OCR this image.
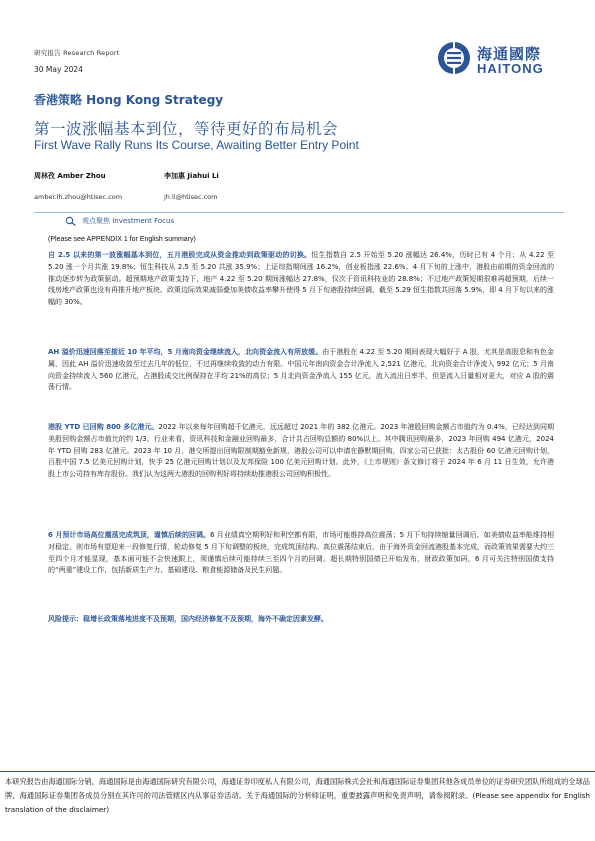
研究报告 Research Report
30 May 2024
海通國際
HAITONG
香港策略 Hong Kong Strategy
第一波涨幅基本到位，等待更好的布局机会
First Wave Rally Runs Its Course, Awaiting Better Entry Point
周林孜 Amber Zhou
amber.lh.zhou@htisec.com
李加惠 Jiahui Li
jh.li@htisec.com
观点聚焦 Investment Focus
(Please see APPENDIX 1 for English summary)
自 2.5 以来的第一波涨幅基本到位，五月港股完成从资金推动到政策驱动的切换。恒生指数自 2.5 开始至 5.20 涨幅达 26.4%，历时已有 4 个月；从 4.22 至 5.20 涨一个月共涨 19.8%；恒生科技从 2.5 至 5.20 共涨 35.9%；上证综指期间涨 16.2%，创业板指涨 22.6%。4 月下旬的上涨中，港股由前期的资金回流的推动逐步转为政策驱动。超预期地产政策支持下，地产 4.22 至 5.20 期间涨幅达 27.8%，仅次于资讯科技业的 28.8%；不过地产政策短期很难再超预期，后续一线房地产政策也没有再推升地产板块。政策边际效果减弱叠加美债收益率攀升使得 5 月下旬港股持续回调，截至 5.29 恒生指数共回落 5.9%，即 4 月下旬以来的涨幅的 30%。
AH 溢价迅速回落至接近 10 年平均，5 月南向资金继续流入，北向资金流入有所放缓。由于港股在 4.22 至 5.20 期间表现大幅好于 A 股，尤其是高股息和有色金属，因此 AH 溢价迅速收敛至过去几年的低位，不过再继续收敛的动力有限。中国元年南向资金合计净流入 2,521 亿港元，北向资金合计净流入 992 亿元；5 月南向资金持续流入 560 亿港元，占港股成交比例保持在平均 21%的高位；5 月北向资金净流入 155 亿元，流入流出日率半，但是流入日量相对更大，对应 A 股的震荡行情。
港股 YTD 已回购 800 多亿港元。2022 年以来每年回购超千亿港元，远远超过 2021 年的 382 亿港元。2023 年港股回购金额占市值约为 0.4%，已经达到同期美股回购金额占市值比的约 1/3。行业来看，资讯科技和金融业回购最多，合计共占回购总额的 80%以上。其中腾讯回购最多，2023 年回购 494 亿港元，2024 年 YTD 回购 283 亿港元。2023 年 10 月，港交所提出回购限制期豁免新规，港股公司可以申请在静默期回购，四家公司已获批：太古股份 60 亿港元回购计划，百胜中国 7.5 亿美元回购计划，快手 25 亿港元回购计划以及友邦保险 100 亿美元回购计划。此外，《上市规则》条文修订将于 2024 年 6 月 11 日生效，允许港股上市公司持有库存股份。我们认为这两大港股的回购利好将持续助推港股公司回购积极性。
6 月预计市场高位震荡完成筑顶，谨慎后续的回调。6 月业绩真空期利好和利空都有限，市场可能维持高位震荡；5 月下旬持续缩量回调后，如美债收益率能维持相对稳定，则市场有望迎来一段修复行情，轮动修复 5 月下旬调整的板块，完成筑顶结构。高位震荡结束后，由于海外资金回流港股基本完成，而政策效果需要大约三至四个月才能显现，基本面可能不会快速跟上，须谨慎后续可能持续三至四个月的回调。超长期特别国债已开始发布，财政政策加码，6 月可关注特别国债支持的“两重”建设工作，包括新质生产力、基础建设、粮食能源储备及民生问题。
风险提示：稳增长政策落地进度不及预期，国内经济修复不及预期，海外不确定因素发酵。
本研究报告由海通国际分销，海通国际是由海通国际研究有限公司，海通证券印度私人有限公司，海通国际株式会社和海通国际证券集团其他各成员单位的证券研究团队所组成的全球品牌，海通国际证券集团各成员分别在其许可的司法管辖区内从事证券活动。关于海通国际的分析师证明，重要披露声明和免责声明，请参阅附录。(Please see appendix for English translation of the disclaimer)
